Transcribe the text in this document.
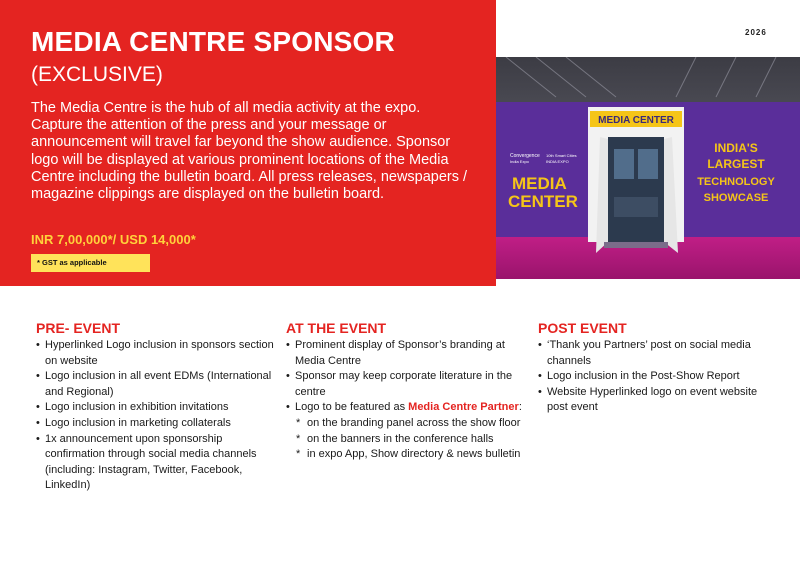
MEDIA CENTRE SPONSOR

(EXCLUSIVE)

The Media Centre is the hub of all media activity at the expo. Capture the attention of the press and your message or announcement will travel far beyond the show audience. Sponsor logo will be displayed at various prominent locations of the Media Centre including the bulletin board. All press releases, newspapers / magazine clippings are displayed on the bulletin board.

INR 7,00,000*/ USD 14,000*

* GST as applicable
2026
Convergence
India Expo
10th Smart Cities
INDIA EXPO
MEDIA
CENTER
INDIA'S
LARGEST
TECHNOLOGY
SHOWCASE
MEDIA CENTER
PRE- EVENT
• Hyperlinked Logo inclusion in sponsors section on website
• Logo inclusion in all event EDMs (International and Regional)
• Logo inclusion in exhibition invitations
• Logo inclusion in marketing collaterals
• 1x announcement upon sponsorship confirmation through social media channels (including: Instagram, Twitter, Facebook, LinkedIn)
AT THE EVENT
• Prominent display of Sponsor’s branding at Media Centre
• Sponsor may keep corporate literature in the centre
• Logo to be featured as Media Centre Partner:
* on the branding panel across the show floor
* on the banners in the conference halls
* in expo App, Show directory & news bulletin
POST EVENT
• ‘Thank you Partners’ post on social media channels
• Logo inclusion in the Post-Show Report
• Website Hyperlinked logo on event website post event
